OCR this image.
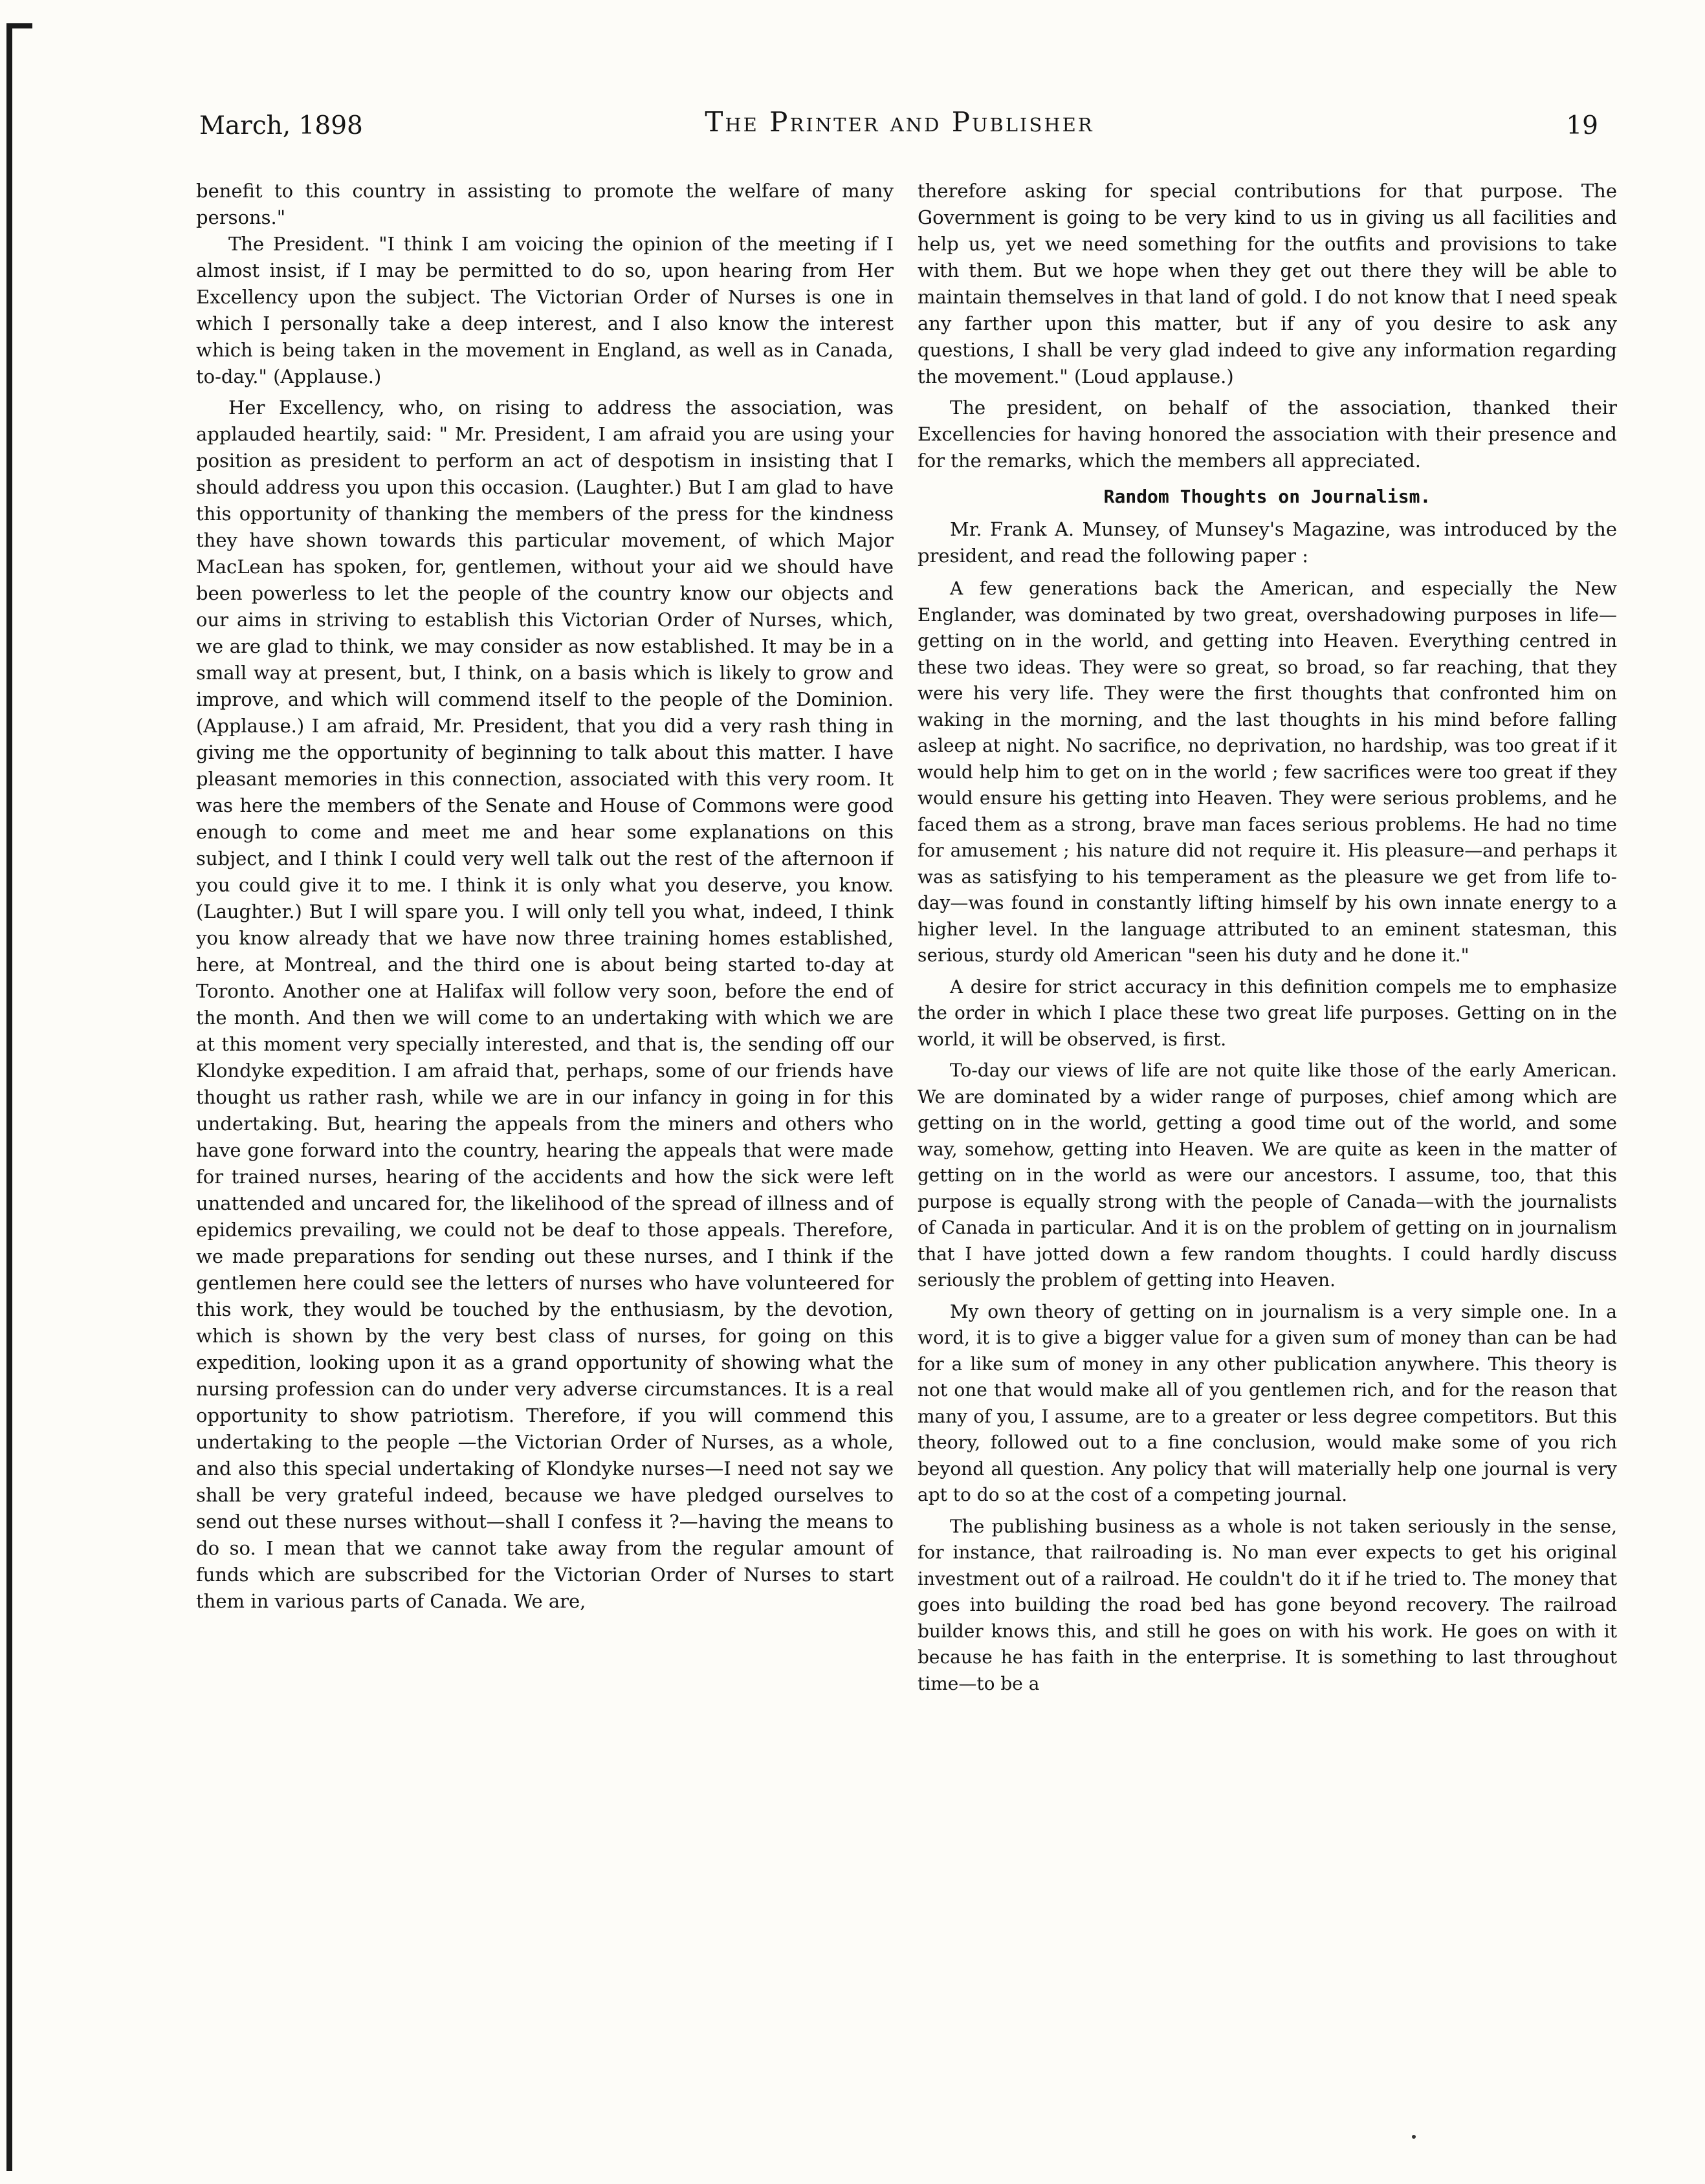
March, 1898	The Printer and Publisher	19

benefit to this country in assisting to promote the welfare of many persons."

The President. "I think I am voicing the opinion of the meeting if I almost insist, if I may be permitted to do so, upon hearing from Her Excellency upon the subject. The Victorian Order of Nurses is one in which I personally take a deep interest, and I also know the interest which is being taken in the movement in England, as well as in Canada, to-day." (Applause.)

Her Excellency, who, on rising to address the association, was applauded heartily, said: " Mr. President, I am afraid you are using your position as president to perform an act of despotism in insisting that I should address you upon this occasion. (Laughter.) But I am glad to have this opportunity of thanking the members of the press for the kindness they have shown towards this particular movement, of which Major MacLean has spoken, for, gentlemen, without your aid we should have been powerless to let the people of the country know our objects and our aims in striving to establish this Victorian Order of Nurses, which, we are glad to think, we may consider as now established. It may be in a small way at present, but, I think, on a basis which is likely to grow and improve, and which will commend itself to the people of the Dominion. (Applause.) I am afraid, Mr. President, that you did a very rash thing in giving me the opportunity of beginning to talk about this matter. I have pleasant memories in this connection, associated with this very room. It was here the members of the Senate and House of Commons were good enough to come and meet me and hear some explanations on this subject, and I think I could very well talk out the rest of the afternoon if you could give it to me. I think it is only what you deserve, you know. (Laughter.) But I will spare you. I will only tell you what, indeed, I think you know already that we have now three training homes established, here, at Montreal, and the third one is about being started to-day at Toronto. Another one at Halifax will follow very soon, before the end of the month. And then we will come to an undertaking with which we are at this moment very specially interested, and that is, the sending off our Klondyke expedition. I am afraid that, perhaps, some of our friends have thought us rather rash, while we are in our infancy in going in for this undertaking. But, hearing the appeals from the miners and others who have gone forward into the country, hearing the appeals that were made for trained nurses, hearing of the accidents and how the sick were left unattended and uncared for, the likelihood of the spread of illness and of epidemics prevailing, we could not be deaf to those appeals. Therefore, we made preparations for sending out these nurses, and I think if the gentlemen here could see the letters of nurses who have volunteered for this work, they would be touched by the enthusiasm, by the devotion, which is shown by the very best class of nurses, for going on this expedition, looking upon it as a grand opportunity of showing what the nursing profession can do under very adverse circumstances. It is a real opportunity to show patriotism. Therefore, if you will commend this undertaking to the people —the Victorian Order of Nurses, as a whole, and also this special undertaking of Klondyke nurses—I need not say we shall be very grateful indeed, because we have pledged ourselves to send out these nurses without—shall I confess it ?—having the means to do so. I mean that we cannot take away from the regular amount of funds which are subscribed for the Victorian Order of Nurses to start them in various parts of Canada. We are,

therefore asking for special contributions for that purpose. The Government is going to be very kind to us in giving us all facilities and help us, yet we need something for the outfits and provisions to take with them. But we hope when they get out there they will be able to maintain themselves in that land of gold. I do not know that I need speak any farther upon this matter, but if any of you desire to ask any questions, I shall be very glad indeed to give any information regarding the movement." (Loud applause.)

The president, on behalf of the association, thanked their Excellencies for having honored the association with their presence and for the remarks, which the members all appreciated.

Random Thoughts on Journalism.

Mr. Frank A. Munsey, of Munsey's Magazine, was introduced by the president, and read the following paper :

A few generations back the American, and especially the New Englander, was dominated by two great, overshadowing purposes in life—getting on in the world, and getting into Heaven. Everything centred in these two ideas. They were so great, so broad, so far reaching, that they were his very life. They were the first thoughts that confronted him on waking in the morning, and the last thoughts in his mind before falling asleep at night. No sacrifice, no deprivation, no hardship, was too great if it would help him to get on in the world ; few sacrifices were too great if they would ensure his getting into Heaven. They were serious problems, and he faced them as a strong, brave man faces serious problems. He had no time for amusement ; his nature did not require it. His pleasure—and perhaps it was as satisfying to his temperament as the pleasure we get from life to-day—was found in constantly lifting himself by his own innate energy to a higher level. In the language attributed to an eminent statesman, this serious, sturdy old American "seen his duty and he done it."

A desire for strict accuracy in this definition compels me to emphasize the order in which I place these two great life purposes. Getting on in the world, it will be observed, is first.

To-day our views of life are not quite like those of the early American. We are dominated by a wider range of purposes, chief among which are getting on in the world, getting a good time out of the world, and some way, somehow, getting into Heaven. We are quite as keen in the matter of getting on in the world as were our ancestors. I assume, too, that this purpose is equally strong with the people of Canada—with the journalists of Canada in particular. And it is on the problem of getting on in journalism that I have jotted down a few random thoughts. I could hardly discuss seriously the problem of getting into Heaven.

My own theory of getting on in journalism is a very simple one. In a word, it is to give a bigger value for a given sum of money than can be had for a like sum of money in any other publication anywhere. This theory is not one that would make all of you gentlemen rich, and for the reason that many of you, I assume, are to a greater or less degree competitors. But this theory, followed out to a fine conclusion, would make some of you rich beyond all question. Any policy that will materially help one journal is very apt to do so at the cost of a competing journal.

The publishing business as a whole is not taken seriously in the sense, for instance, that railroading is. No man ever expects to get his original investment out of a railroad. He couldn't do it if he tried to. The money that goes into building the road bed has gone beyond recovery. The railroad builder knows this, and still he goes on with his work. He goes on with it because he has faith in the enterprise. It is something to last throughout time—to be a
